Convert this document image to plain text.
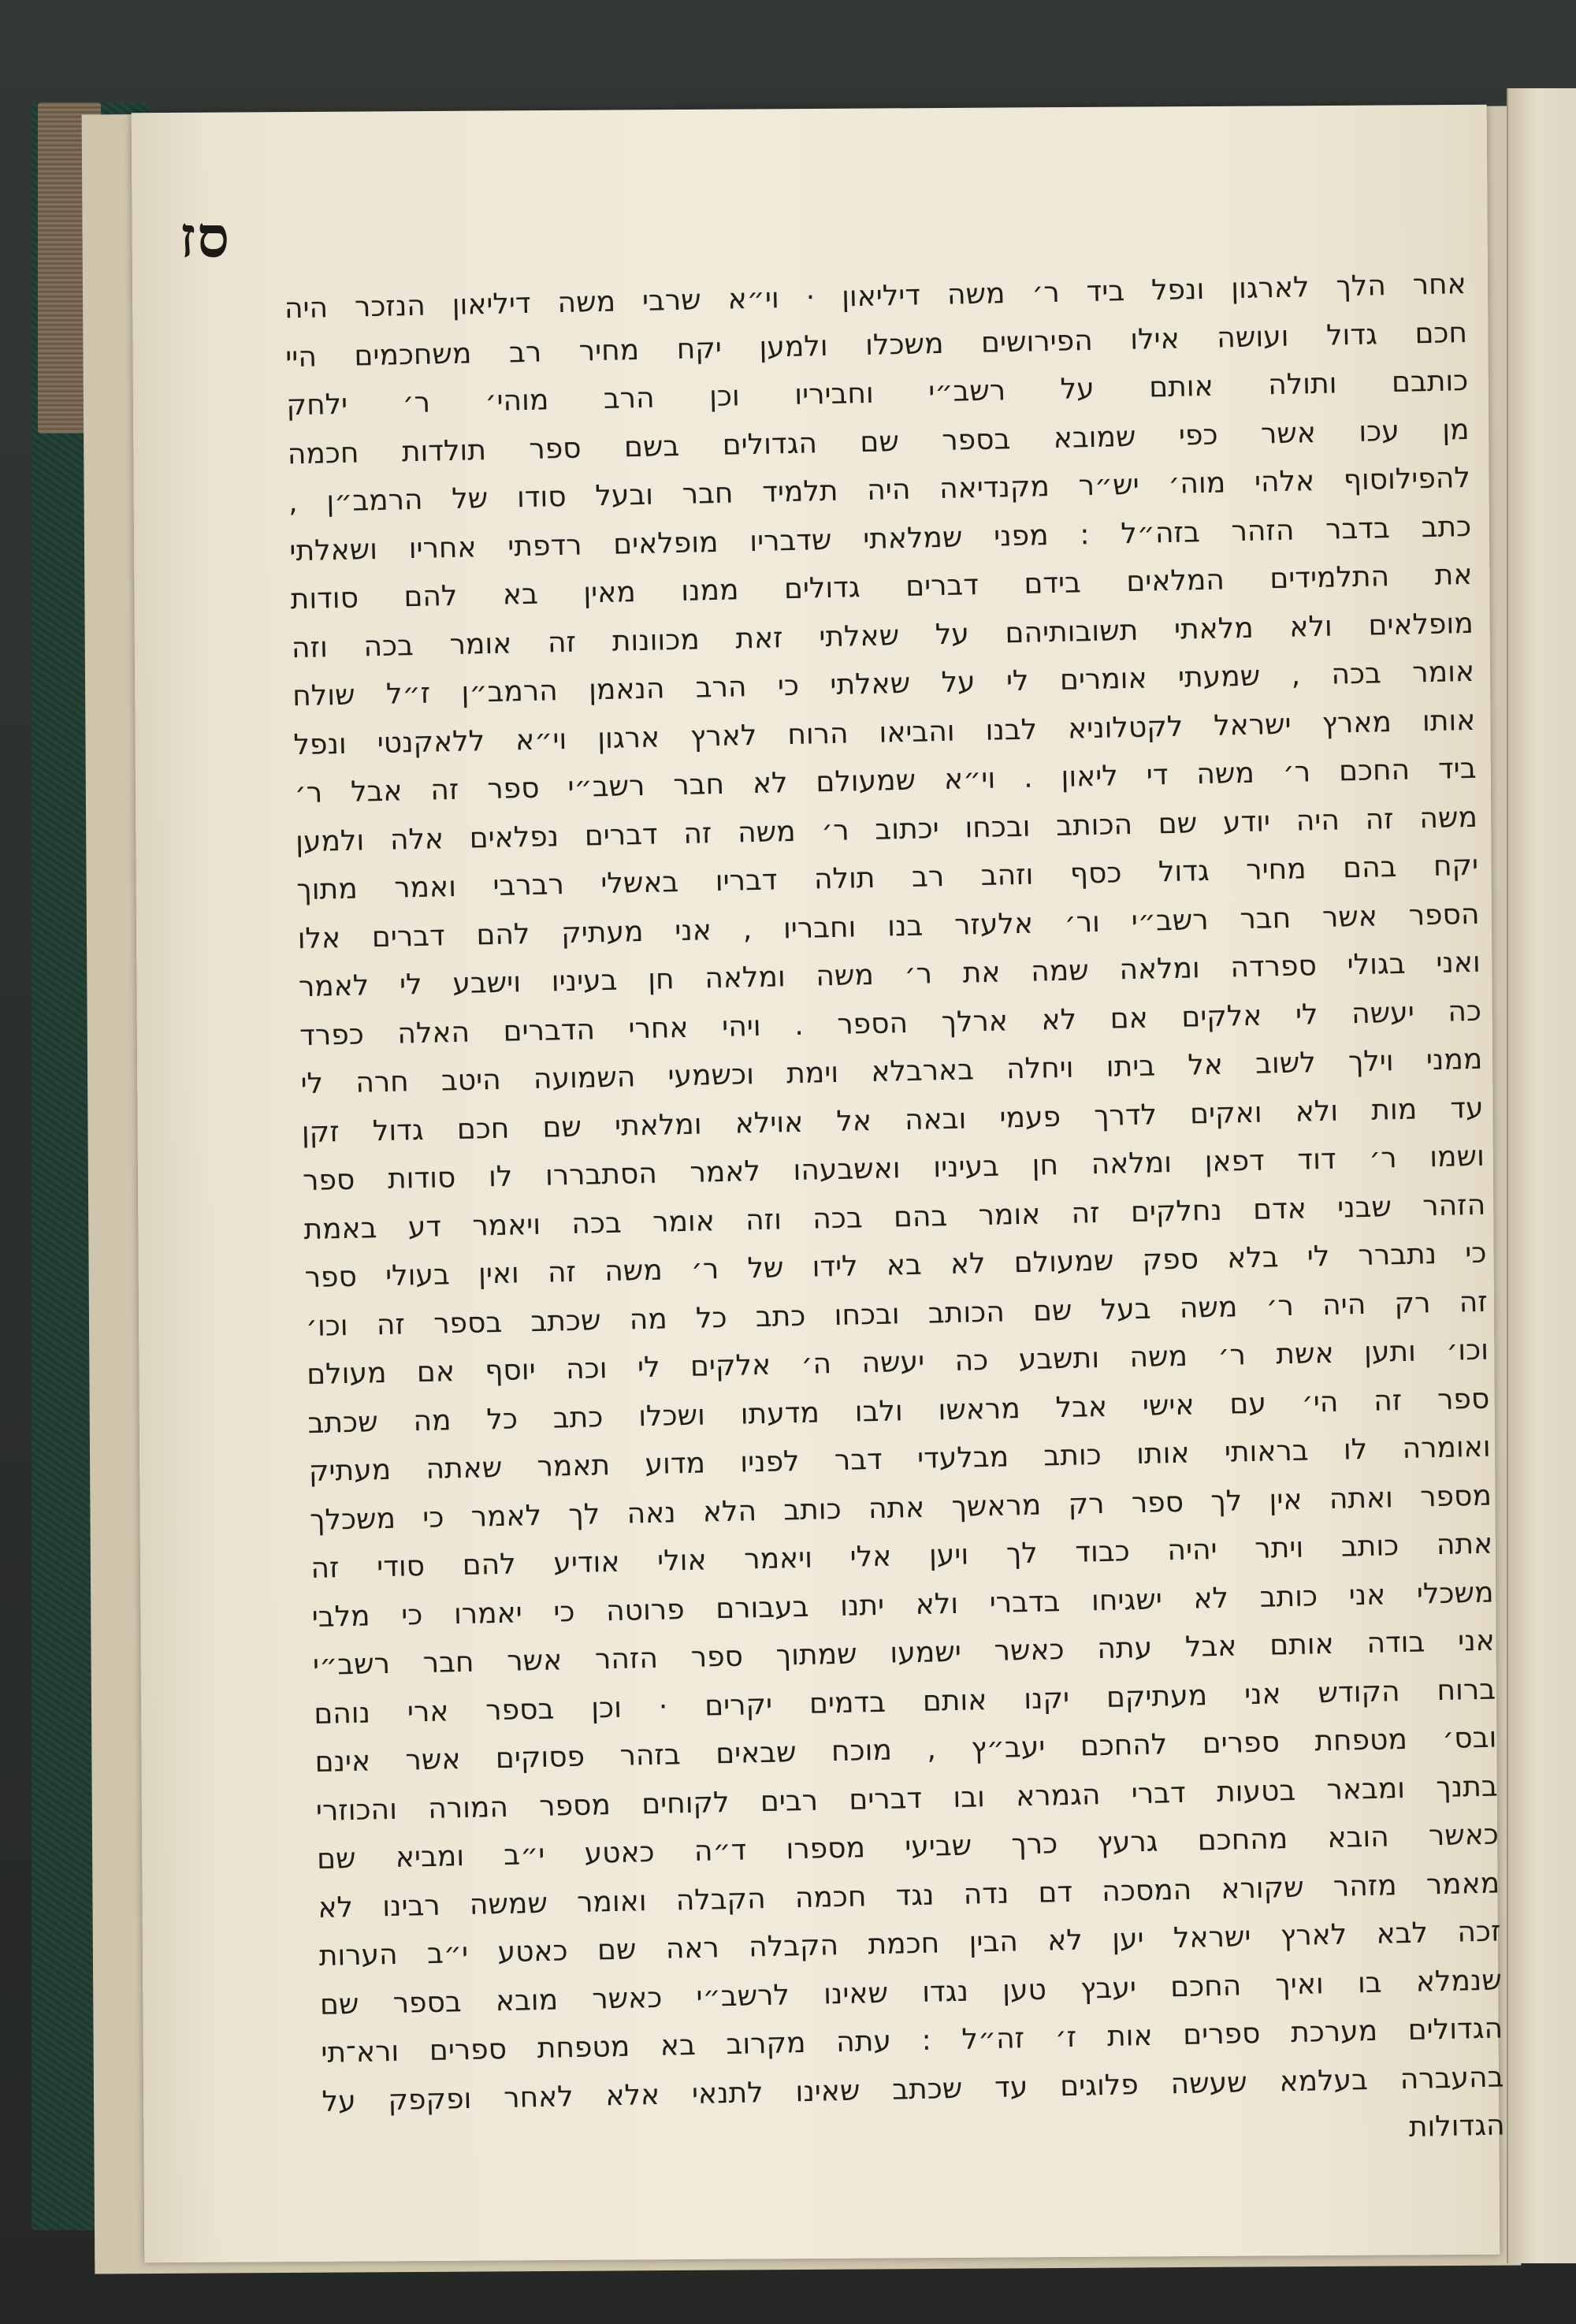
סז
אחר הלך לארגון ונפל ביד ר׳ משה דיליאון · וי״א שרבי משה דיליאון הנזכר היה
חכם גדול ועושה אילו הפירושים משכלו ולמען יקח מחיר רב משחכמים היי
כותבם ותולה אותם על רשב״י וחביריו וכן הרב מוהי׳ ר׳ ילחק
מן עכו אשר כפי שמובא בספר שם הגדולים בשם ספר תולדות חכמה
להפילוסוף אלהי מוה׳ יש״ר מקנדיאה היה תלמיד חבר ובעל סודו של הרמב״ן ,
כתב בדבר הזהר בזה״ל : מפני שמלאתי שדבריו מופלאים רדפתי אחריו ושאלתי
את התלמידים המלאים בידם דברים גדולים ממנו מאין בא להם סודות
מופלאים ולא מלאתי תשובותיהם על שאלתי זאת מכוונות זה אומר בכה וזה
אומר בכה , שמעתי אומרים לי על שאלתי כי הרב הנאמן הרמב״ן ז״ל שולח
אותו מארץ ישראל לקטלוניא לבנו והביאו הרוח לארץ ארגון וי״א ללאקנטי ונפל
ביד החכם ר׳ משה די ליאון . וי״א שמעולם לא חבר רשב״י ספר זה אבל ר׳
משה זה היה יודע שם הכותב ובכחו יכתוב ר׳ משה זה דברים נפלאים אלה ולמען
יקח בהם מחיר גדול כסף וזהב רב תולה דבריו באשלי רברבי ואמר מתוך
הספר אשר חבר רשב״י ור׳ אלעזר בנו וחבריו , אני מעתיק להם דברים אלו
ואני בגולי ספרדה ומלאה שמה את ר׳ משה ומלאה חן בעיניו וישבע לי לאמר
כה יעשה לי אלקים אם לא ארלך הספר . ויהי אחרי הדברים האלה כפרד
ממני וילך לשוב אל ביתו ויחלה בארבלא וימת וכשמעי השמועה היטב חרה לי
עד מות ולא ואקים לדרך פעמי ובאה אל אוילא ומלאתי שם חכם גדול זקן
ושמו ר׳ דוד דפאן ומלאה חן בעיניו ואשבעהו לאמר הסתבררו לו סודות ספר
הזהר שבני אדם נחלקים זה אומר בהם בכה וזה אומר בכה ויאמר דע באמת
כי נתברר לי בלא ספק שמעולם לא בא לידו של ר׳ משה זה ואין בעולי ספר
זה רק היה ר׳ משה בעל שם הכותב ובכחו כתב כל מה שכתב בספר זה וכו׳
וכו׳ ותען אשת ר׳ משה ותשבע כה יעשה ה׳ אלקים לי וכה יוסף אם מעולם
ספר זה הי׳ עם אישי אבל מראשו ולבו מדעתו ושכלו כתב כל מה שכתב
ואומרה לו בראותי אותו כותב מבלעדי דבר לפניו מדוע תאמר שאתה מעתיק
מספר ואתה אין לך ספר רק מראשך אתה כותב הלא נאה לך לאמר כי משכלך
אתה כותב ויתר יהיה כבוד לך ויען אלי ויאמר אולי אודיע להם סודי זה
משכלי אני כותב לא ישגיחו בדברי ולא יתנו בעבורם פרוטה כי יאמרו כי מלבי
אני בודה אותם אבל עתה כאשר ישמעו שמתוך ספר הזהר אשר חבר רשב״י
ברוח הקודש אני מעתיקם יקנו אותם בדמים יקרים · וכן בספר ארי נוהם
ובס׳ מטפחת ספרים להחכם יעב״ץ , מוכח שבאים בזהר פסוקים אשר אינם
בתנך ומבאר בטעות דברי הגמרא ובו דברים רבים לקוחים מספר המורה והכוזרי
כאשר הובא מהחכם גרעץ כרך שביעי מספרו ד״ה כאטע י״ב ומביא שם
מאמר מזהר שקורא המסכה דם נדה נגד חכמה הקבלה ואומר שמשה רבינו לא
זכה לבא לארץ ישראל יען לא הבין חכמת הקבלה ראה שם כאטע י״ב הערות
שנמלא בו ואיך החכם יעבץ טען נגדו שאינו לרשב״י כאשר מובא בספר שם
הגדולים מערכת ספרים אות ז׳ זה״ל : עתה מקרוב בא מטפחת ספרים ורא־תי
בהעברה בעלמא שעשה פלוגים עד שכתב שאינו לתנאי אלא לאחר ופקפק על
הגדולות
